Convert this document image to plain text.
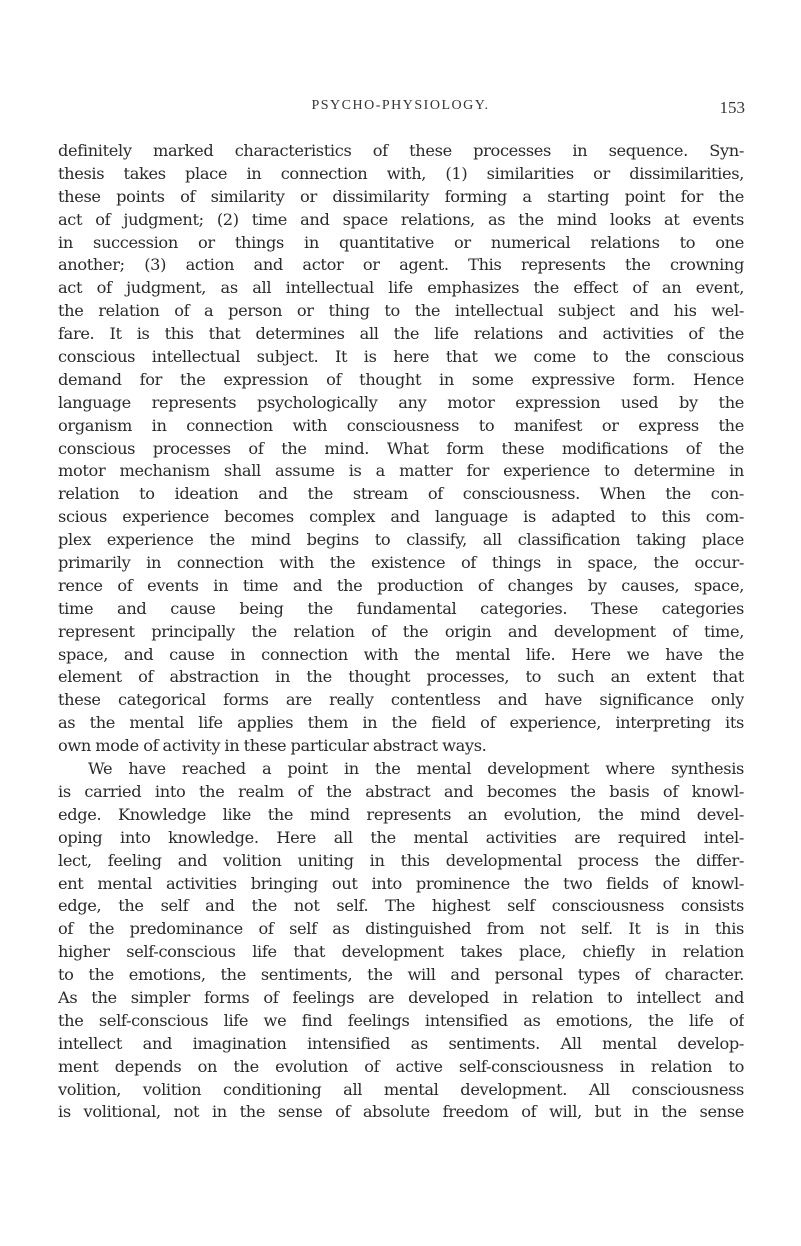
PSYCHO-PHYSIOLOGY.	153
definitely marked characteristics of these processes in sequence. Syn-
thesis takes place in connection with, (1) similarities or dissimilarities,
these points of similarity or dissimilarity forming a starting point for the
act of judgment; (2) time and space relations, as the mind looks at events
in succession or things in quantitative or numerical relations to one
another; (3) action and actor or agent. This represents the crowning
act of judgment, as all intellectual life emphasizes the effect of an event,
the relation of a person or thing to the intellectual subject and his wel-
fare. It is this that determines all the life relations and activities of the
conscious intellectual subject. It is here that we come to the conscious
demand for the expression of thought in some expressive form. Hence
language represents psychologically any motor expression used by the
organism in connection with consciousness to manifest or express the
conscious processes of the mind. What form these modifications of the
motor mechanism shall assume is a matter for experience to determine in
relation to ideation and the stream of consciousness. When the con-
scious experience becomes complex and language is adapted to this com-
plex experience the mind begins to classify, all classification taking place
primarily in connection with the existence of things in space, the occur-
rence of events in time and the production of changes by causes, space,
time and cause being the fundamental categories. These categories
represent principally the relation of the origin and development of time,
space, and cause in connection with the mental life. Here we have the
element of abstraction in the thought processes, to such an extent that
these categorical forms are really contentless and have significance only
as the mental life applies them in the field of experience, interpreting its
own mode of activity in these particular abstract ways.
We have reached a point in the mental development where synthesis
is carried into the realm of the abstract and becomes the basis of knowl-
edge. Knowledge like the mind represents an evolution, the mind devel-
oping into knowledge. Here all the mental activities are required intel-
lect, feeling and volition uniting in this developmental process the differ-
ent mental activities bringing out into prominence the two fields of knowl-
edge, the self and the not self. The highest self consciousness consists
of the predominance of self as distinguished from not self. It is in this
higher self-conscious life that development takes place, chiefly in relation
to the emotions, the sentiments, the will and personal types of character.
As the simpler forms of feelings are developed in relation to intellect and
the self-conscious life we find feelings intensified as emotions, the life of
intellect and imagination intensified as sentiments. All mental develop-
ment depends on the evolution of active self-consciousness in relation to
volition, volition conditioning all mental development. All consciousness
is volitional, not in the sense of absolute freedom of will, but in the sense
